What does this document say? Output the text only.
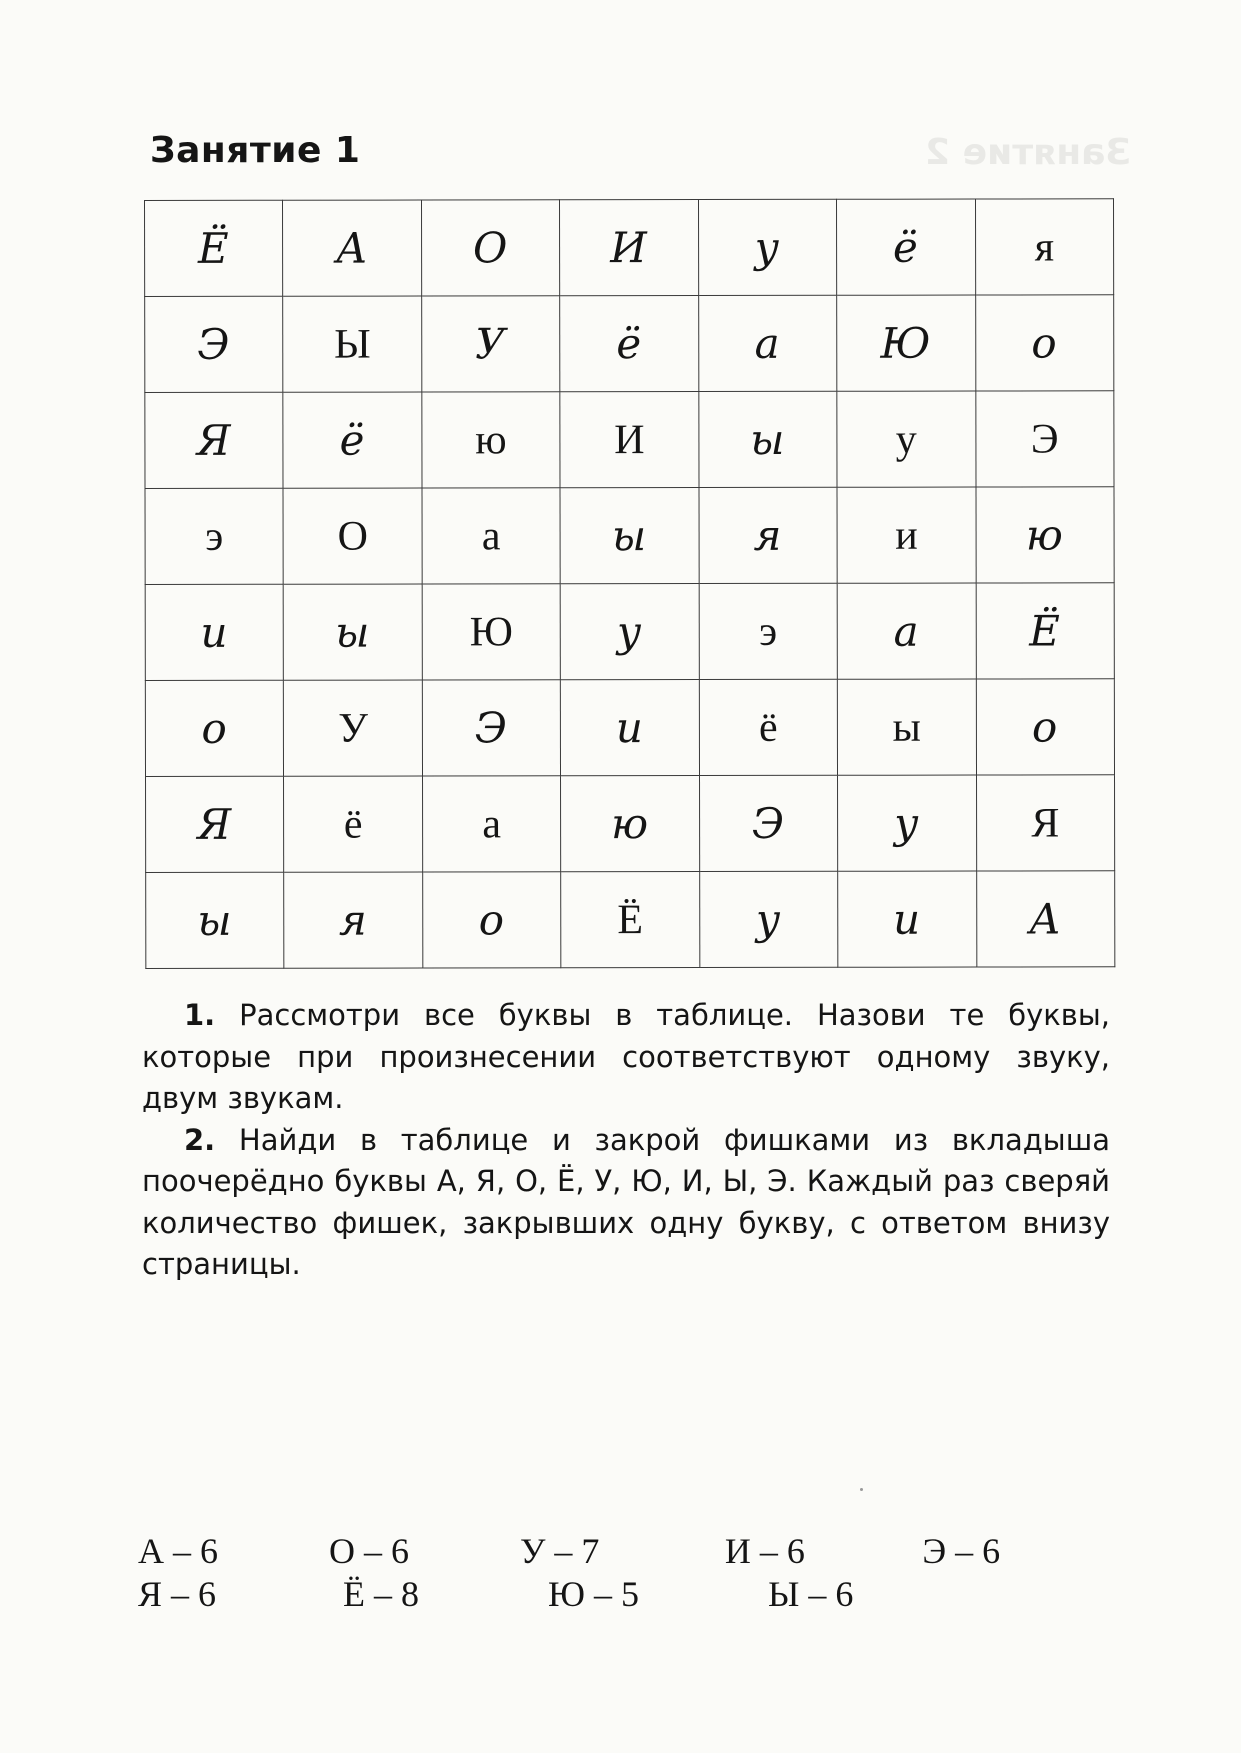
Занятие 1	Занятие 2
Ё	А	О	И	у	ё	я
Э	Ы	У	ё	а	Ю	о
Я	ё	ю	И	ы	у	Э
э	О	а	ы	я	и	ю
и	ы	Ю	у	э	а	Ё
о	У	Э	и	ё	ы	о
Я	ё	а	ю	Э	у	Я
ы	я	о	Ё	у	и	А

1. Рассмотри все буквы в таблице. Назови те буквы, которые при произнесении соответствуют одному звуку, двум звукам.

2. Найди в таблице и закрой фишками из вкладыша поочерёдно буквы А, Я, О, Ё, У, Ю, И, Ы, Э. Каждый раз сверяй количество фишек, закрывших одну букву, с ответом внизу страницы.

А – 6	О – 6	У – 7	И – 6	Э – 6
Я – 6	Ё – 8	Ю – 5	Ы – 6
